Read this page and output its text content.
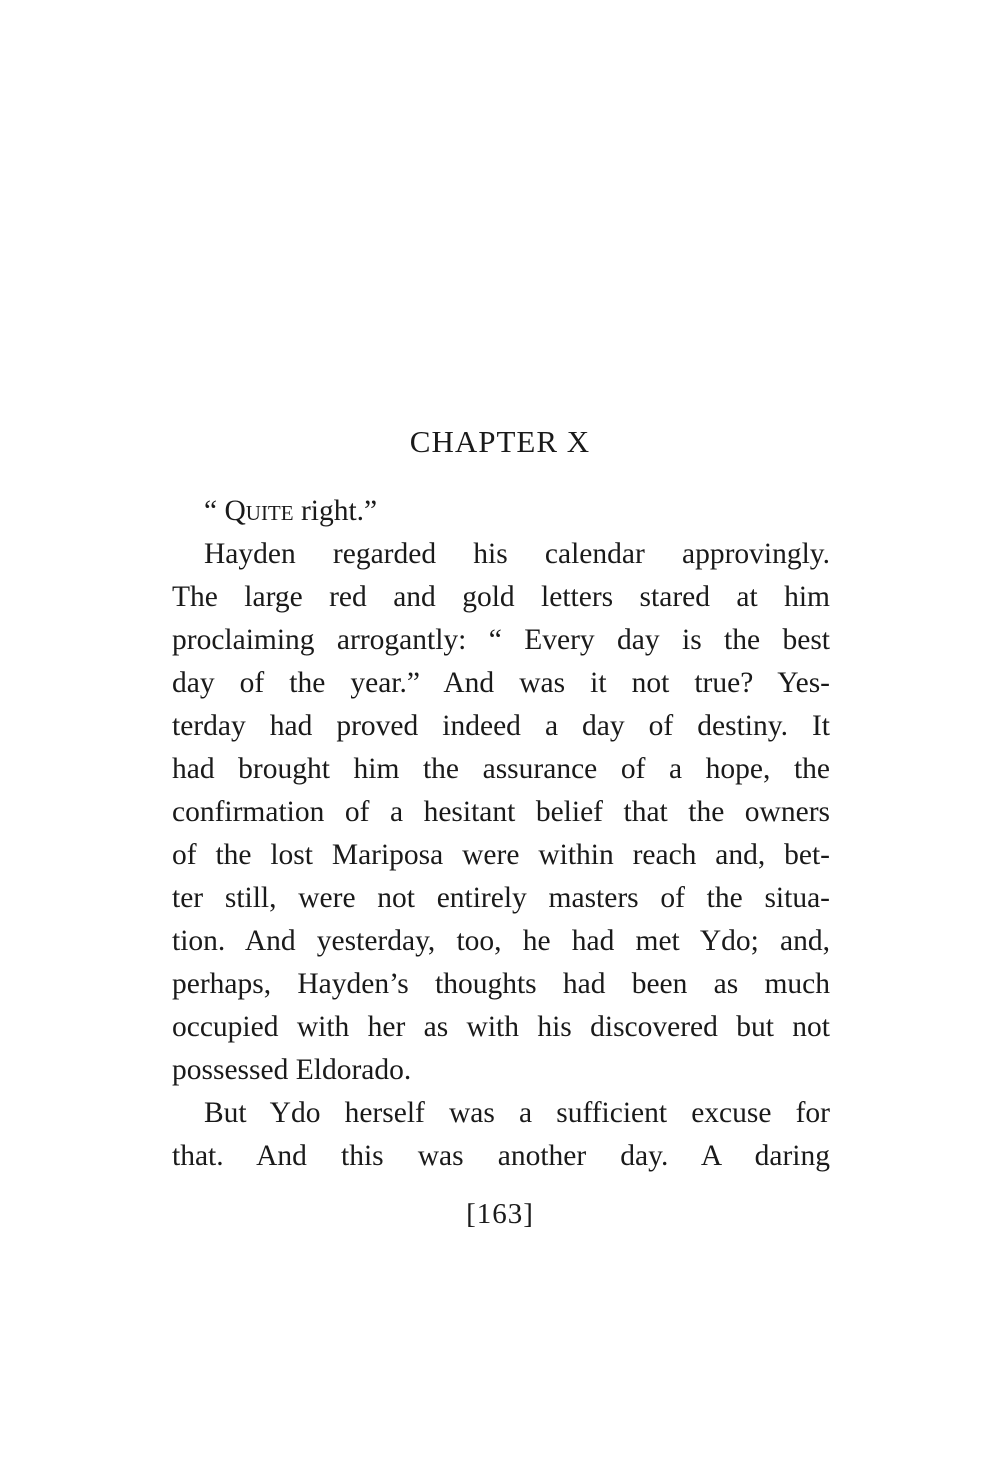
CHAPTER X
“ Quite right.”
Hayden regarded his calendar approvingly.
The large red and gold letters stared at him
proclaiming arrogantly: “ Every day is the best
day of the year.” And was it not true? Yes-
terday had proved indeed a day of destiny. It
had brought him the assurance of a hope, the
confirmation of a hesitant belief that the owners
of the lost Mariposa were within reach and, bet-
ter still, were not entirely masters of the situa-
tion. And yesterday, too, he had met Ydo; and,
perhaps, Hayden’s thoughts had been as much
occupied with her as with his discovered but not
possessed Eldorado.
But Ydo herself was a sufficient excuse for
that. And this was another day. A daring
[163]
